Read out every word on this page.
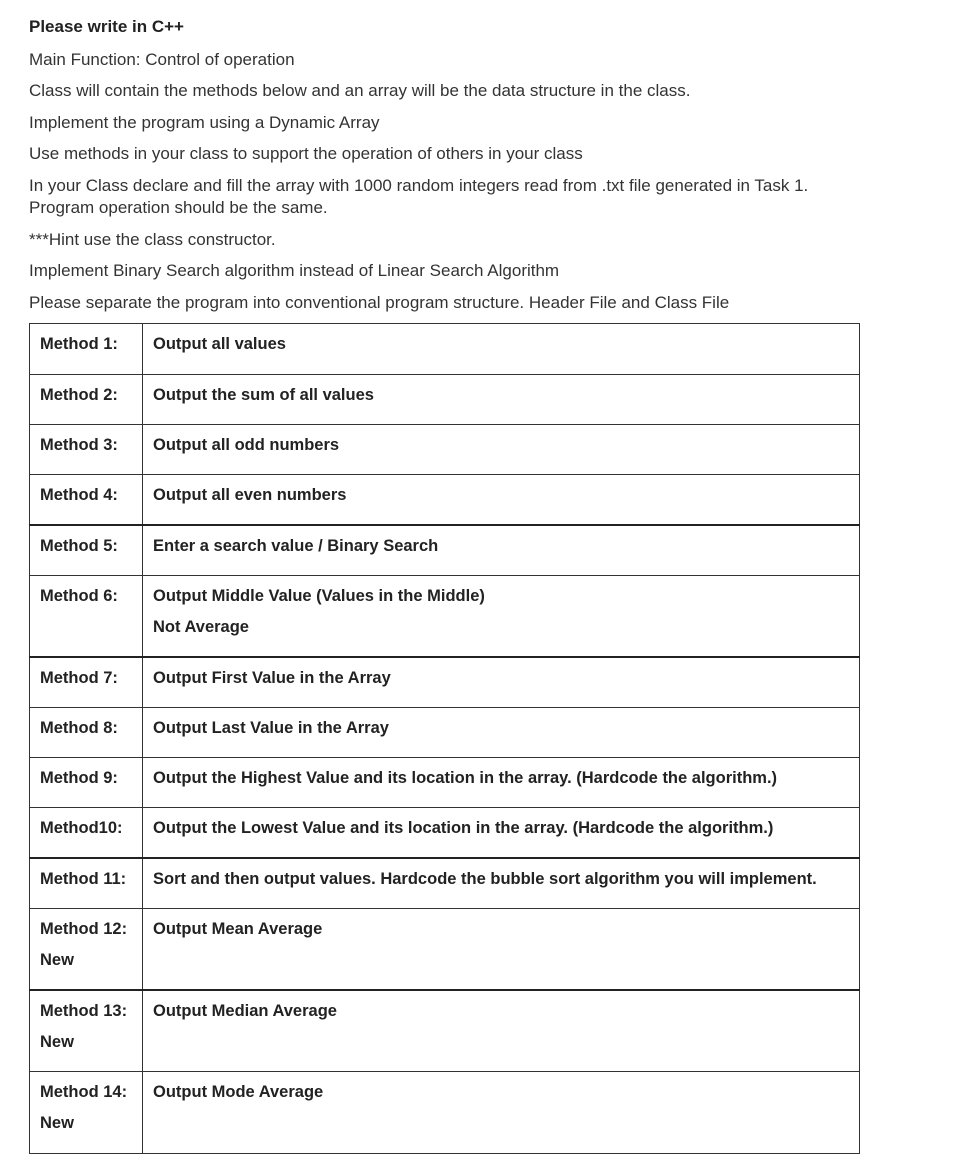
Please write in C++
Main Function: Control of operation
Class will contain the methods below and an array will be the data structure in the class.
Implement the program using a Dynamic Array
Use methods in your class to support the operation of others in your class
In your Class declare and fill the array with 1000 random integers read from .txt file generated in Task 1. Program operation should be the same.
***Hint use the class constructor.
Implement Binary Search algorithm instead of Linear Search Algorithm
Please separate the program into conventional program structure. Header File and Class File
Method 1:	Output all values
Method 2:	Output the sum of all values
Method 3:	Output all odd numbers
Method 4:	Output all even numbers
Method 5:	Enter a search value / Binary Search
Method 6:	Output Middle Value (Values in the Middle)
Not Average

Method 7:	Output First Value in the Array
Method 8:	Output Last Value in the Array
Method 9:	Output the Highest Value and its location in the array. (Hardcode the algorithm.)
Method10:	Output the Lowest Value and its location in the array. (Hardcode the algorithm.)
Method 11:	Sort and then output values. Hardcode the bubble sort algorithm you will implement.
Method 12:
New	Output Mean Average
Method 13:
New	Output Median Average
Method 14:
New	Output Mode Average
